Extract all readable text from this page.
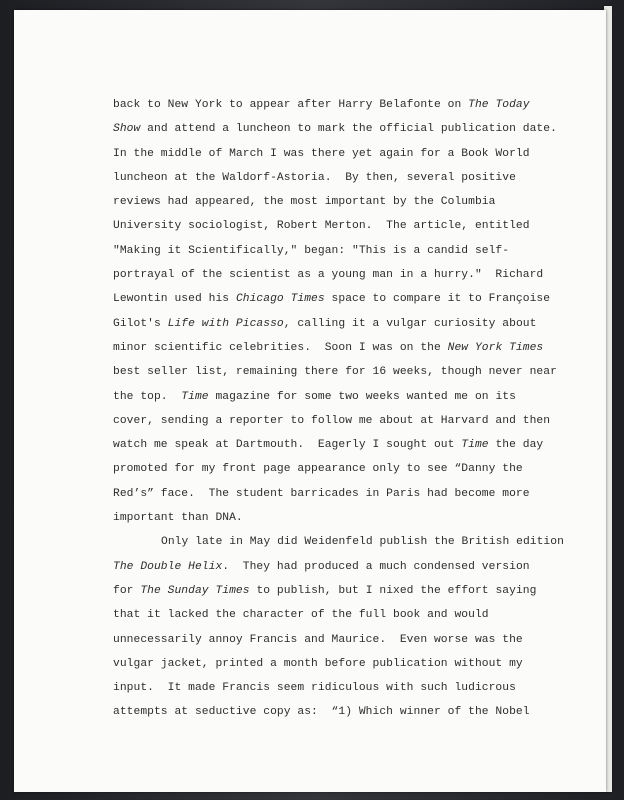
back to New York to appear after Harry Belafonte on The Today
Show and attend a luncheon to mark the official publication date.
In the middle of March I was there yet again for a Book World
luncheon at the Waldorf-Astoria.  By then, several positive
reviews had appeared, the most important by the Columbia
University sociologist, Robert Merton.  The article, entitled
"Making it Scientifically," began: "This is a candid self-
portrayal of the scientist as a young man in a hurry."  Richard
Lewontin used his Chicago Times space to compare it to Françoise
Gilot's Life with Picasso, calling it a vulgar curiosity about
minor scientific celebrities.  Soon I was on the New York Times
best seller list, remaining there for 16 weeks, though never near
the top.  Time magazine for some two weeks wanted me on its
cover, sending a reporter to follow me about at Harvard and then
watch me speak at Dartmouth.  Eagerly I sought out Time the day
promoted for my front page appearance only to see “Danny the
Red’s” face.  The student barricades in Paris had become more
important than DNA.
Only late in May did Weidenfeld publish the British edition
The Double Helix.  They had produced a much condensed version
for The Sunday Times to publish, but I nixed the effort saying
that it lacked the character of the full book and would
unnecessarily annoy Francis and Maurice.  Even worse was the
vulgar jacket, printed a month before publication without my
input.  It made Francis seem ridiculous with such ludicrous
attempts at seductive copy as:  “1) Which winner of the Nobel
